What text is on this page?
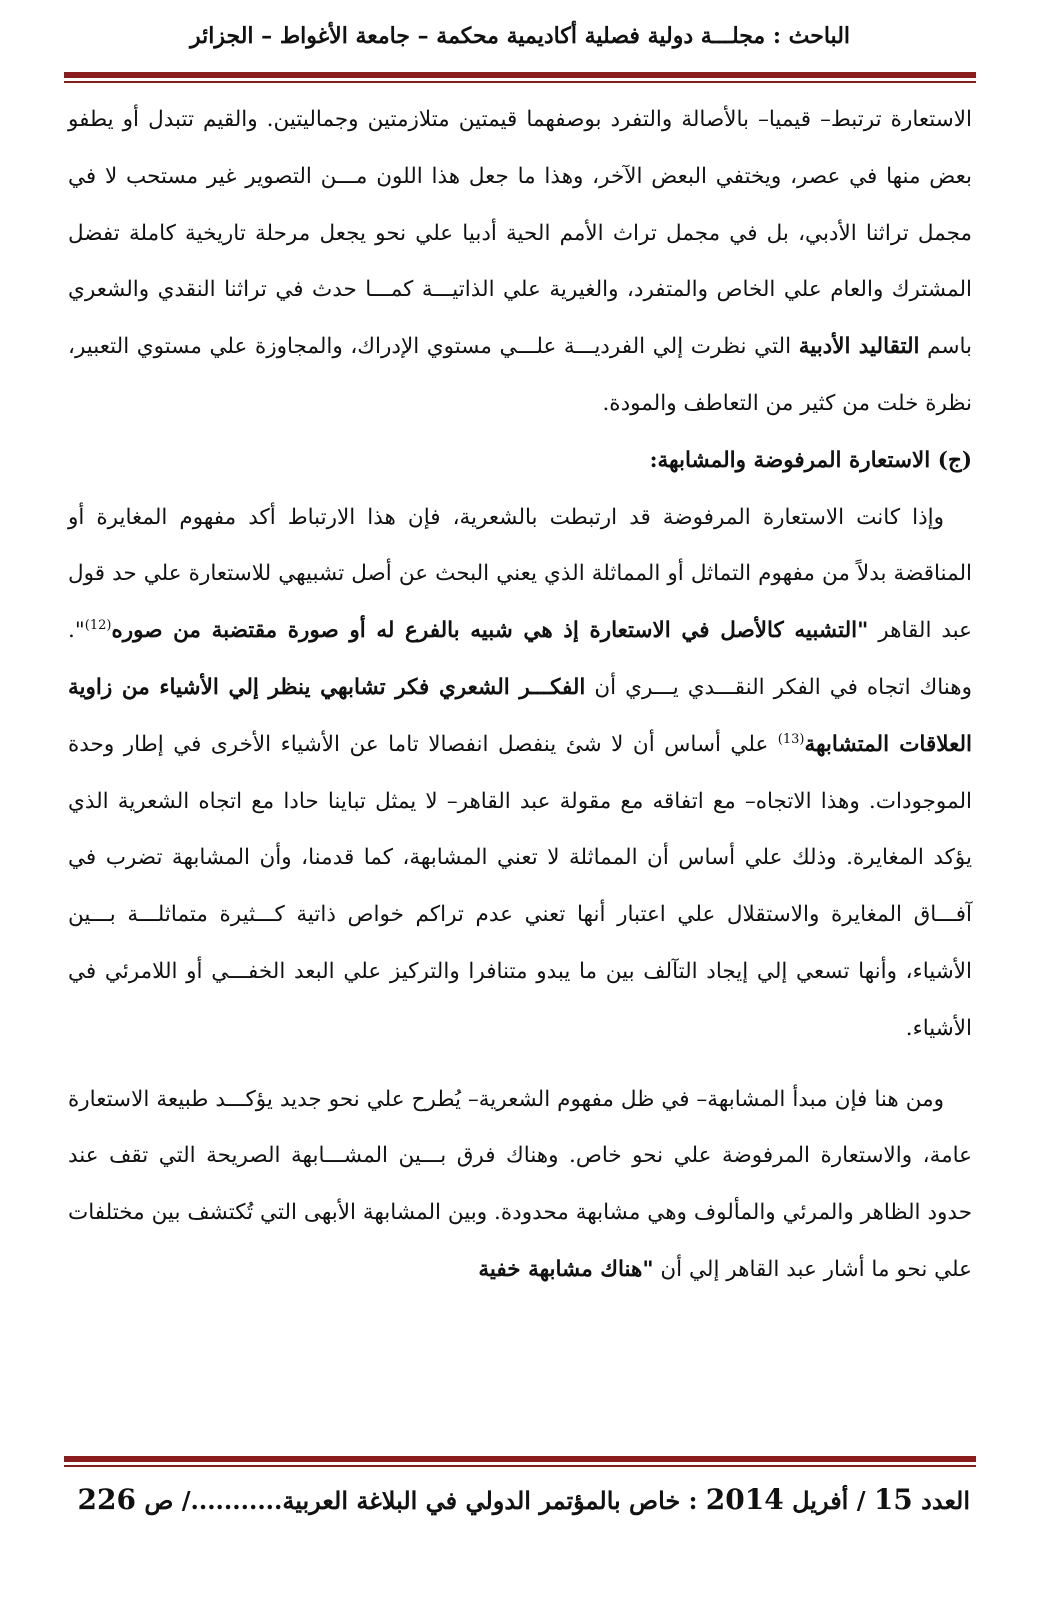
الباحث : مجلـــة دولية فصلية أكاديمية محكمة – جامعة الأغواط – الجزائر

الاستعارة ترتبط– قيميا– بالأصالة والتفرد بوصفهما قيمتين متلازمتين وجماليتين. والقيم تتبدل أو يطفو بعض منها في عصر، ويختفي البعض الآخر، وهذا ما جعل هذا اللون مـــن التصوير غير مستحب لا في مجمل تراثنا الأدبي، بل في مجمل تراث الأمم الحية أدبيا علي نحو يجعل مرحلة تاريخية كاملة تفضل المشترك والعام علي الخاص والمتفرد، والغيرية علي الذاتيـــة كمـــا حدث في تراثنا النقدي والشعري باسم التقاليد الأدبية التي نظرت إلي الفرديـــة علـــي مستوي الإدراك، والمجاوزة علي مستوي التعبير، نظرة خلت من كثير من التعاطف والمودة.

(ج) الاستعارة المرفوضة والمشابهة:

وإذا كانت الاستعارة المرفوضة قد ارتبطت بالشعرية، فإن هذا الارتباط أكد مفهوم المغايرة أو المناقضة بدلاً من مفهوم التماثل أو المماثلة الذي يعني البحث عن أصل تشبيهي للاستعارة علي حد قول عبد القاهر "التشبيه كالأصل في الاستعارة إذ هي شبيه بالفرع له أو صورة مقتضبة من صوره$^{(12)}$". وهناك اتجاه في الفكر النقـــدي يـــري أن الفكـــر الشعري فكر تشابهي ينظر إلي الأشياء من زاوية العلاقات المتشابهة$^{(13)}$ علي أساس أن لا شئ ينفصل انفصالا تاما عن الأشياء الأخرى في إطار وحدة الموجودات. وهذا الاتجاه– مع اتفاقه مع مقولة عبد القاهر– لا يمثل تباينا حادا مع اتجاه الشعرية الذي يؤكد المغايرة. وذلك علي أساس أن المماثلة لا تعني المشابهة، كما قدمنا، وأن المشابهة تضرب في آفـــاق المغايرة والاستقلال علي اعتبار أنها تعني عدم تراكم خواص ذاتية كـــثيرة متماثلـــة بـــين الأشياء، وأنها تسعي إلي إيجاد التآلف بين ما يبدو متنافرا والتركيز علي البعد الخفـــي أو اللامرئي في الأشياء.

ومن هنا فإن مبدأ المشابهة– في ظل مفهوم الشعرية– يُطرح علي نحو جديد يؤكـــد طبيعة الاستعارة عامة، والاستعارة المرفوضة علي نحو خاص. وهناك فرق بـــين المشـــابهة الصريحة التي تقف عند حدود الظاهر والمرئي والمألوف وهي مشابهة محدودة. وبين المشابهة الأبهى التي تُكتشف بين مختلفات علي نحو ما أشار عبد القاهر إلي أن "هناك مشابهة خفية

العدد 15 / أفريل 2014 : خاص بالمؤتمر الدولي في البلاغة العربية.........../ ص 226
